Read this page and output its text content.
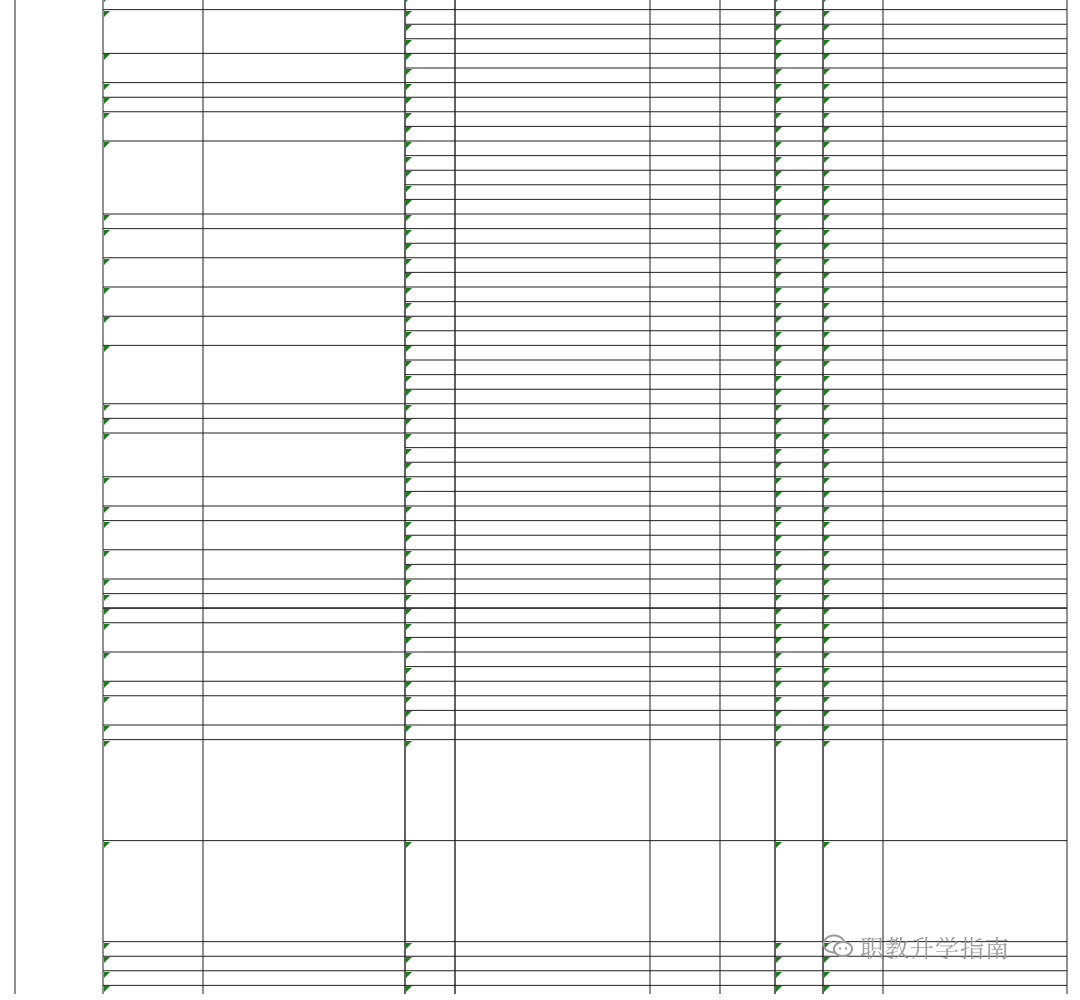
职教升学指南
